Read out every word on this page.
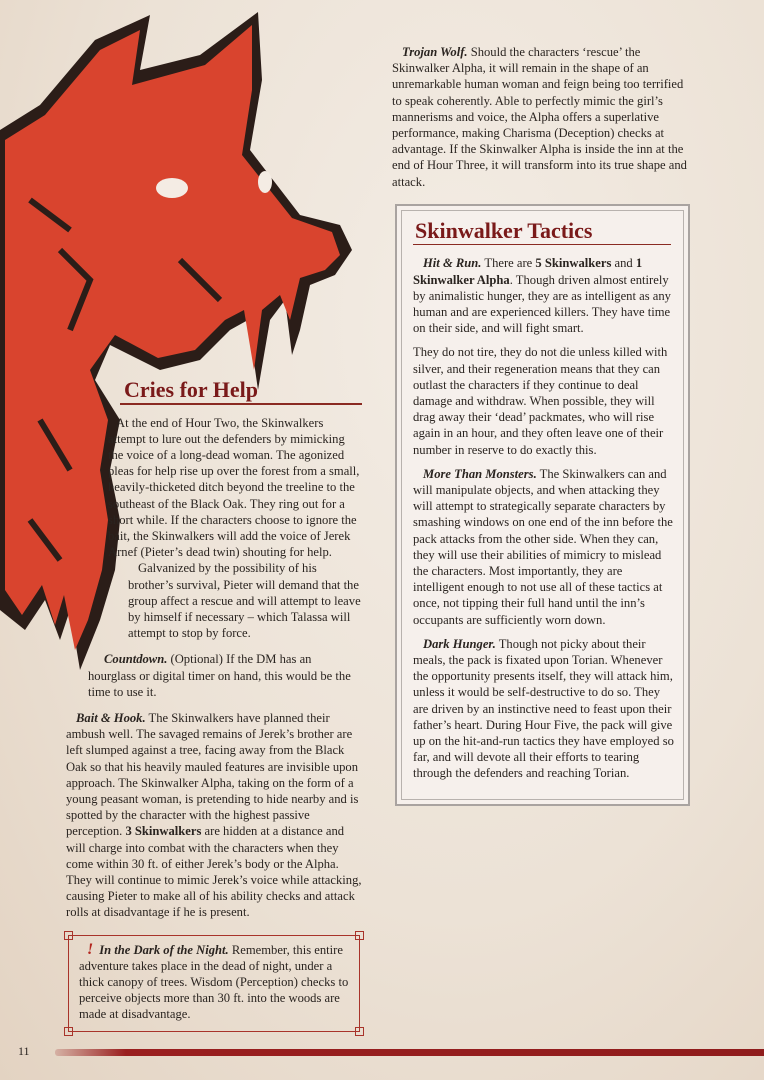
Trojan Wolf. Should the characters ‘rescue’ the Skinwalker Alpha, it will remain in the shape of an unremarkable human woman and feign being too terrified to speak coherently. Able to perfectly mimic the girl’s mannerisms and voice, the Alpha offers a superlative performance, making Charisma (Deception) checks at advantage. If the Skinwalker Alpha is inside the inn at the end of Hour Three, it will transform into its true shape and attack.

Skinwalker Tactics

Hit & Run. There are 5 Skinwalkers and 1 Skinwalker Alpha. Though driven almost entirely by animalistic hunger, they are as intelligent as any human and are experienced killers. They have time on their side, and will fight smart.

They do not tire, they do not die unless killed with silver, and their regeneration means that they can outlast the characters if they continue to deal damage and withdraw. When possible, they will drag away their ‘dead’ packmates, who will rise again in an hour, and they often leave one of their number in reserve to do exactly this.

More Than Monsters. The Skinwalkers can and will manipulate objects, and when attacking they will attempt to strategically separate characters by smashing windows on one end of the inn before the pack attacks from the other side. When they can, they will use their abilities of mimicry to mislead the characters. Most importantly, they are intelligent enough to not use all of these tactics at once, not tipping their full hand until the inn’s occupants are sufficiently worn down.

Dark Hunger. Though not picky about their meals, the pack is fixated upon Torian. Whenever the opportunity presents itself, they will attack him, unless it would be self-destructive to do so. They are driven by an instinctive need to feast upon their father’s heart. During Hour Five, the pack will give up on the hit-and-run tactics they have employed so far, and will devote all their efforts to tearing through the defenders and reaching Torian.

Cries for Help

At the end of Hour Two, the Skinwalkers attempt to lure out the defenders by mimicking the voice of a long-dead woman. The agonized pleas for help rise up over the forest from a small, heavily-thicketed ditch beyond the treeline to the southeast of the Black Oak. They ring out for a short while. If the characters choose to ignore the bait, the Skinwalkers will add the voice of Jerek Arnef (Pieter’s dead twin) shouting for help.

Galvanized by the possibility of his brother’s survival, Pieter will demand that the group affect a rescue and will attempt to leave by himself if necessary – which Talassa will attempt to stop by force.

Countdown. (Optional) If the DM has an hourglass or digital timer on hand, this would be the time to use it.

Bait & Hook. The Skinwalkers have planned their ambush well. The savaged remains of Jerek’s brother are left slumped against a tree, facing away from the Black Oak so that his heavily mauled features are invisible upon approach. The Skinwalker Alpha, taking on the form of a young peasant woman, is pretending to hide nearby and is spotted by the character with the highest passive perception. 3 Skinwalkers are hidden at a distance and will charge into combat with the characters when they come within 30 ft. of either Jerek’s body or the Alpha. They will continue to mimic Jerek’s voice while attacking, causing Pieter to make all of his ability checks and attack rolls at disadvantage if he is present.

! In the Dark of the Night. Remember, this entire adventure takes place in the dead of night, under a thick canopy of trees. Wisdom (Perception) checks to perceive objects more than 30 ft. into the woods are made at disadvantage.

11
